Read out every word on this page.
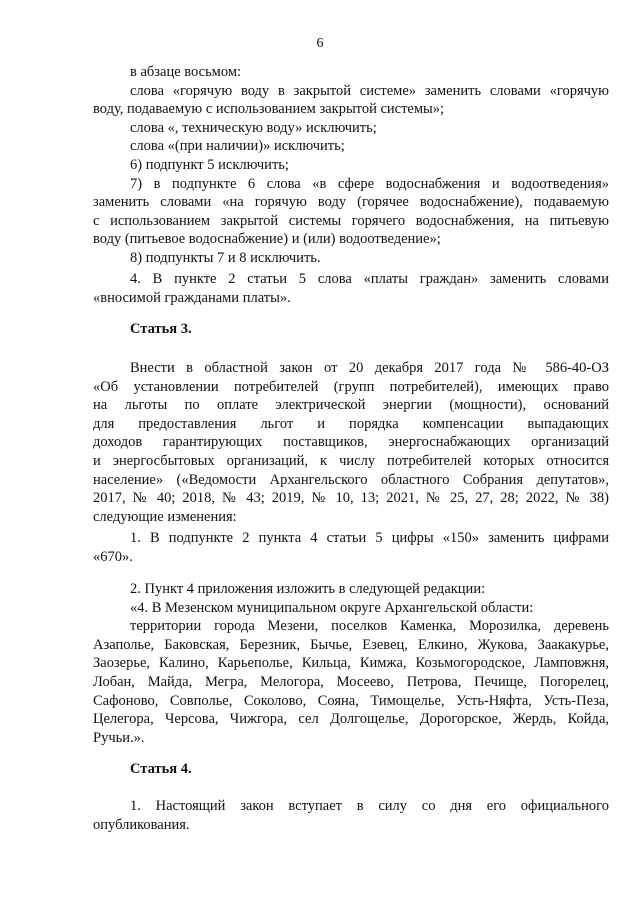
6
в абзаце восьмом:
слова «горячую воду в закрытой системе» заменить словами «горячую
воду, подаваемую с использованием закрытой системы»;
слова «, техническую воду» исключить;
слова «(при наличии)» исключить;
6) подпункт 5 исключить;
7) в подпункте 6 слова «в сфере водоснабжения и водоотведения»
заменить словами «на горячую воду (горячее водоснабжение), подаваемую
с использованием закрытой системы горячего водоснабжения, на питьевую
воду (питьевое водоснабжение) и (или) водоотведение»;
8) подпункты 7 и 8 исключить.
4. В пункте 2 статьи 5 слова «платы граждан» заменить словами
«вносимой гражданами платы».
Статья 3.
Внести в областной закон от 20 декабря 2017 года № 586-40-ОЗ
«Об установлении потребителей (групп потребителей), имеющих право
на льготы по оплате электрической энергии (мощности), оснований
для предоставления льгот и порядка компенсации выпадающих
доходов гарантирующих поставщиков, энергоснабжающих организаций
и энергосбытовых организаций, к числу потребителей которых относится
население» («Ведомости Архангельского областного Собрания депутатов»,
2017, № 40; 2018, № 43; 2019, № 10, 13; 2021, № 25, 27, 28; 2022, № 38)
следующие изменения:
1. В подпункте 2 пункта 4 статьи 5 цифры «150» заменить цифрами
«670».
2. Пункт 4 приложения изложить в следующей редакции:
«4. В Мезенском муниципальном округе Архангельской области:
территории города Мезени, поселков Каменка, Морозилка, деревень
Азаполье, Баковская, Березник, Бычье, Езевец, Елкино, Жукова, Заакакурье,
Заозерье, Калино, Карьеполье, Кильца, Кимжа, Козьмогородское, Ламповжня,
Лобан, Майда, Мегра, Мелогора, Мосеево, Петрова, Печище, Погорелец,
Сафоново, Совполье, Соколово, Сояна, Тимощелье, Усть-Няфта, Усть-Пеза,
Целегора, Черсова, Чижгора, сел Долгощелье, Дорогорское, Жердь, Койда,
Ручьи.».
Статья 4.
1. Настоящий закон вступает в силу со дня его официального
опубликования.
